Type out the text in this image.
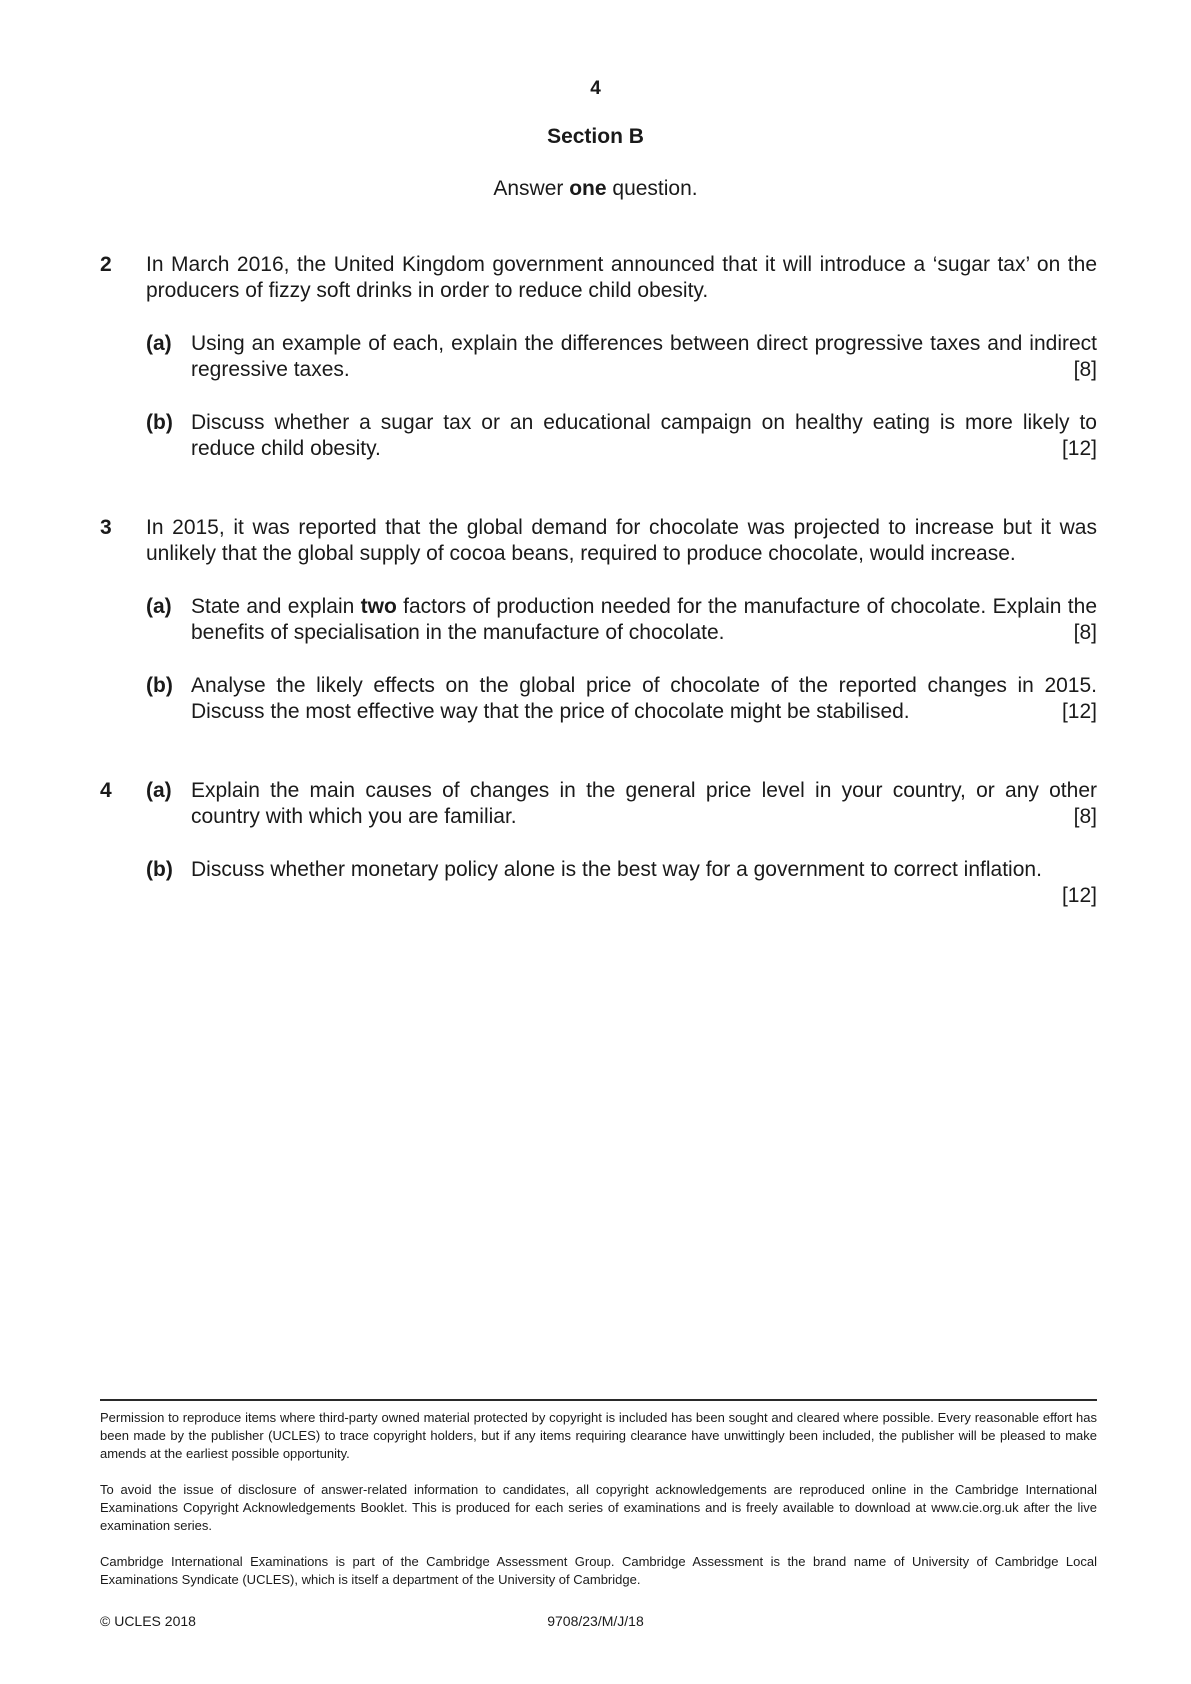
4
Section B
Answer one question.
2 In March 2016, the United Kingdom government announced that it will introduce a ‘sugar tax’ on the producers of fizzy soft drinks in order to reduce child obesity.
(a) Using an example of each, explain the differences between direct progressive taxes and indirect regressive taxes.	[8]
(b) Discuss whether a sugar tax or an educational campaign on healthy eating is more likely to reduce child obesity.	[12]
3 In 2015, it was reported that the global demand for chocolate was projected to increase but it was unlikely that the global supply of cocoa beans, required to produce chocolate, would increase.
(a) State and explain two factors of production needed for the manufacture of chocolate. Explain the benefits of specialisation in the manufacture of chocolate.	[8]
(b) Analyse the likely effects on the global price of chocolate of the reported changes in 2015. Discuss the most effective way that the price of chocolate might be stabilised.	[12]
4 (a) Explain the main causes of changes in the general price level in your country, or any other country with which you are familiar.	[8]
(b) Discuss whether monetary policy alone is the best way for a government to correct inflation.
[12]
Permission to reproduce items where third-party owned material protected by copyright is included has been sought and cleared where possible. Every reasonable effort has been made by the publisher (UCLES) to trace copyright holders, but if any items requiring clearance have unwittingly been included, the publisher will be pleased to make amends at the earliest possible opportunity.
To avoid the issue of disclosure of answer-related information to candidates, all copyright acknowledgements are reproduced online in the Cambridge International Examinations Copyright Acknowledgements Booklet. This is produced for each series of examinations and is freely available to download at www.cie.org.uk after the live examination series.
Cambridge International Examinations is part of the Cambridge Assessment Group. Cambridge Assessment is the brand name of University of Cambridge Local Examinations Syndicate (UCLES), which is itself a department of the University of Cambridge.
© UCLES 2018	9708/23/M/J/18
